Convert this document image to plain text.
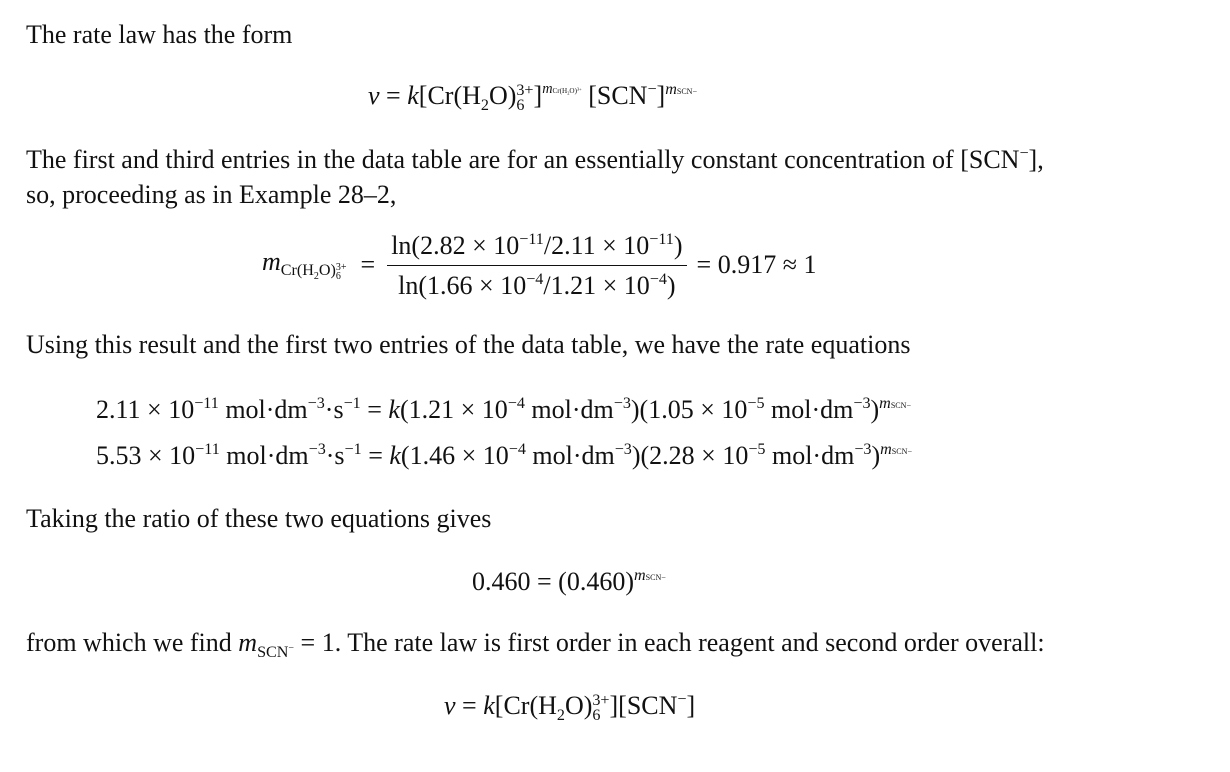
The rate law has the form
$v = k[Cr(H_2O)$ 3+
6 ]$^{mCr(H_2O)^{3+}}$ $[SCN^-]^{mSCN-}$
The first and third entries in the data table are for an essentially constant concentration of [SCN−],
so, proceeding as in Example 28–2,
$m_{Cr(H_2O) 3+ 6} = \frac{\ln(2.82 \times 10^{-11}/2.11 \times 10^{-11})}{\ln(1.66 \times 10^{-4}/1.21 \times 10^{-4})} = 0.917 \approx 1$
Using this result and the first two entries of the data table, we have the rate equations
$2.11 \times 10^{-11}$ $mol\cdot dm^{-3}\cdot s^{-1} = k(1.21 \times 10^{-4}$ $mol\cdot dm^{-3})(1.05 \times 10^{-5}$ $mol\cdot dm^{-3})^{mSCN-}$
$5.53 \times 10^{-11}$ $mol\cdot dm^{-3}\cdot s^{-1} = k(1.46 \times 10^{-4}$ $mol\cdot dm^{-3})(2.28 \times 10^{-5}$ $mol\cdot dm^{-3})^{mSCN-}$
Taking the ratio of these two equations gives
$0.460 = (0.460)^{mSCN-}$
from which we find $m_{SCN^-} = 1$. The rate law is first order in each reagent and second order overall:
$v = k[Cr(H_2O)$ 3+
6 ][SCN−]
